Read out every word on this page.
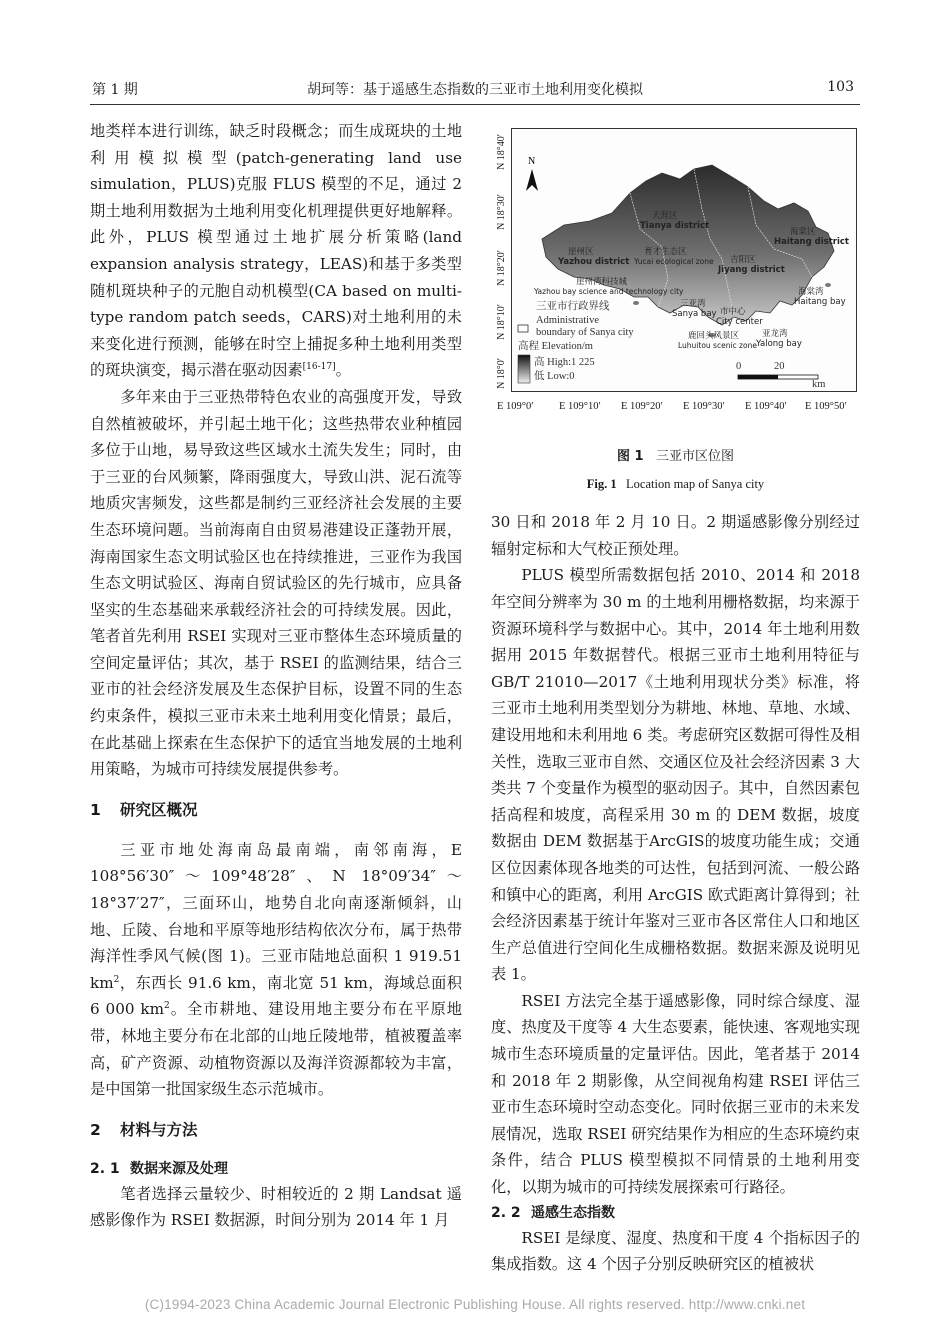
第 1 期	胡珂等：基于遥感生态指数的三亚市土地利用变化模拟	103

地类样本进行训练，缺乏时段概念；而生成斑块的土地利用模拟模型(patch-generating land use simulation，PLUS)克服 FLUS 模型的不足，通过 2 期土地利用数据为土地利用变化机理提供更好地解释。此外，PLUS 模型通过土地扩展分析策略(land expansion analysis strategy，LEAS)和基于多类型随机斑块种子的元胞自动机模型(CA based on multi-type random patch seeds，CARS)对土地利用的未来变化进行预测，能够在时空上捕捉多种土地利用类型的斑块演变，揭示潜在驱动因素[16-17]。

多年来由于三亚热带特色农业的高强度开发，导致自然植被破坏，并引起土地干化；这些热带农业种植园多位于山地，易导致这些区域水土流失发生；同时，由于三亚的台风频繁，降雨强度大，导致山洪、泥石流等地质灾害频发，这些都是制约三亚经济社会发展的主要生态环境问题。当前海南自由贸易港建设正蓬勃开展，海南国家生态文明试验区也在持续推进，三亚作为我国生态文明试验区、海南自贸试验区的先行城市，应具备坚实的生态基础来承载经济社会的可持续发展。因此，笔者首先利用 RSEI 实现对三亚市整体生态环境质量的空间定量评估；其次，基于 RSEI 的监测结果，结合三亚市的社会经济发展及生态保护目标，设置不同的生态约束条件，模拟三亚市未来土地利用变化情景；最后，在此基础上探索在生态保护下的适宜当地发展的土地利用策略，为城市可持续发展提供参考。

1 研究区概况

三亚市地处海南岛最南端，南邻南海，E 108°56′30″～109°48′28″、N 18°09′34″～18°37′27″，三面环山，地势自北向南逐渐倾斜，山地、丘陵、台地和平原等地形结构依次分布，属于热带海洋性季风气候(图 1)。三亚市陆地总面积 1 919.51 $km^2$，东西长 91.6 km，南北宽 51 km，海域总面积 6 000 $km^2$。全市耕地、建设用地主要分布在平原地带，林地主要分布在北部的山地丘陵地带，植被覆盖率高，矿产资源、动植物资源以及海洋资源都较为丰富，是中国第一批国家级生态示范城市。

2 材料与方法
2. 1 数据来源及处理

笔者选择云量较少、时相较近的 2 期 Landsat 遥感影像作为 RSEI 数据源，时间分别为 2014 年 1 月

N 18°40′
N 18°30′
N 18°20′
N 18°10′
N 18°0′
N
天涯区
Tianya district
崖州区
Yazhou district
育才生态区
Yucai ecological zone 吉阳区
Jiyang district
海棠区
Haitang district
崖州湾科技城
Yazhou bay science and technology city
三亚湾
Sanya bay 市中心
City center
鹿回头风景区
Luhuitou scenic zone
亚龙湾
Yalong bay
海棠湾
Haitang bay
三亚市行政界线
Administrative
boundary of Sanya city
高程 Elevation/m
高 High:1 225
低 Low:0
0	20
km
E 109°0′ E 109°10′ E 109°20′ E 109°30′ E 109°40′ E 109°50′
图 1 三亚市区位图
Fig. 1 Location map of Sanya city

30 日和 2018 年 2 月 10 日。2 期遥感影像分别经过辐射定标和大气校正预处理。

PLUS 模型所需数据包括 2010、2014 和 2018 年空间分辨率为 30 m 的土地利用栅格数据，均来源于资源环境科学与数据中心。其中，2014 年土地利用数据用 2015 年数据替代。根据三亚市土地利用特征与 GB/T 21010—2017《土地利用现状分类》标准，将三亚市土地利用类型划分为耕地、林地、草地、水域、建设用地和未利用地 6 类。考虑研究区数据可得性及相关性，选取三亚市自然、交通区位及社会经济因素 3 大类共 7 个变量作为模型的驱动因子。其中，自然因素包括高程和坡度，高程采用 30 m 的 DEM 数据，坡度数据由 DEM 数据基于ArcGIS的坡度功能生成；交通区位因素体现各地类的可达性，包括到河流、一般公路和镇中心的距离，利用 ArcGIS 欧式距离计算得到；社会经济因素基于统计年鉴对三亚市各区常住人口和地区生产总值进行空间化生成栅格数据。数据来源及说明见表 1。

RSEI 方法完全基于遥感影像，同时综合绿度、湿度、热度及干度等 4 大生态要素，能快速、客观地实现城市生态环境质量的定量评估。因此，笔者基于 2014 和 2018 年 2 期影像，从空间视角构建 RSEI 评估三亚市生态环境时空动态变化。同时依据三亚市的未来发展情况，选取 RSEI 研究结果作为相应的生态环境约束条件，结合 PLUS 模型模拟不同情景的土地利用变化，以期为城市的可持续发展探索可行路径。

2. 2 遥感生态指数

RSEI 是绿度、湿度、热度和干度 4 个指标因子的集成指数。这 4 个因子分别反映研究区的植被状

(C)1994-2023 China Academic Journal Electronic Publishing House. All rights reserved. http://www.cnki.net
